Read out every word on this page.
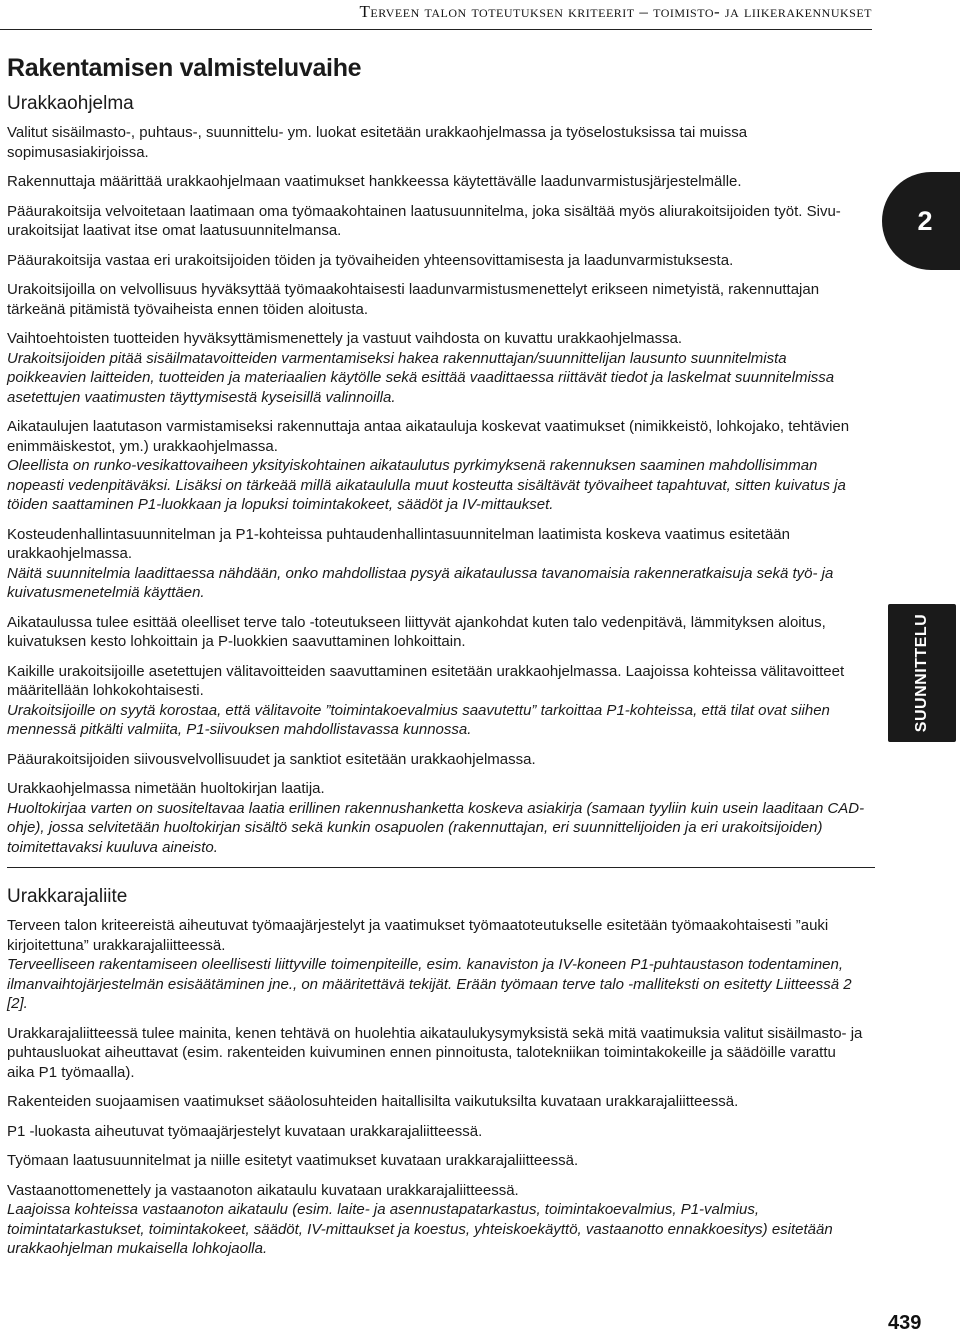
Terveen talon toteutuksen kriteerit – toimisto- ja liikerakennukset
2
SUUNNITTELU
439
Rakentamisen valmisteluvaihe
Urakkaohjelma

Valitut sisäilmasto-, puhtaus-, suunnittelu- ym. luokat esitetään urakkaohjelmassa ja työselostuksissa tai muissa sopimusasiakirjoissa.

Rakennuttaja määrittää urakkaohjelmaan vaatimukset hankkeessa käytettävälle laadunvarmistusjärjestelmälle.

Pääurakoitsija velvoitetaan laatimaan oma työmaakohtainen laatusuunnitelma, joka sisältää myös aliurakoitsijoiden työt. Sivu-urakoitsijat laativat itse omat laatusuunnitelmansa.

Pääurakoitsija vastaa eri urakoitsijoiden töiden ja työvaiheiden yhteensovittamisesta ja laadunvarmistuksesta.

Urakoitsijoilla on velvollisuus hyväksyttää työmaakohtaisesti laadunvarmistusmenettelyt erikseen nimetyistä, rakennuttajan tärkeänä pitämistä työvaiheista ennen töiden aloitusta.

Vaihtoehtoisten tuotteiden hyväksyttämismenettely ja vastuut vaihdosta on kuvattu urakkaohjelmassa.

Urakoitsijoiden pitää sisäilmatavoitteiden varmentamiseksi hakea rakennuttajan/suunnittelijan lausunto suunnitelmista poikkeavien laitteiden, tuotteiden ja materiaalien käytölle sekä esittää vaadittaessa riittävät tiedot ja laskelmat suunnitelmissa asetettujen vaatimusten täyttymisestä kyseisillä valinnoilla.

Aikataulujen laatutason varmistamiseksi rakennuttaja antaa aikatauluja koskevat vaatimukset (nimikkeistö, lohkojako, tehtävien enimmäiskestot, ym.) urakkaohjelmassa.

Oleellista on runko-vesikattovaiheen yksityiskohtainen aikataulutus pyrkimyksenä rakennuksen saaminen mahdollisimman nopeasti vedenpitäväksi. Lisäksi on tärkeää millä aikataululla muut kosteutta sisältävät työvaiheet tapahtuvat, sitten kuivatus ja töiden saattaminen P1-luokkaan ja lopuksi toimintakokeet, säädöt ja IV-mittaukset.

Kosteudenhallintasuunnitelman ja P1-kohteissa puhtaudenhallintasuunnitelman laatimista koskeva vaatimus esitetään urakkaohjelmassa.

Näitä suunnitelmia laadittaessa nähdään, onko mahdollistaa pysyä aikataulussa tavanomaisia rakenneratkaisuja sekä työ- ja kuivatusmenetelmiä käyttäen.

Aikataulussa tulee esittää oleelliset terve talo -toteutukseen liittyvät ajankohdat kuten talo vedenpitävä, lämmityksen aloitus, kuivatuksen kesto lohkoittain ja P-luokkien saavuttaminen lohkoittain.

Kaikille urakoitsijoille asetettujen välitavoitteiden saavuttaminen esitetään urakkaohjelmassa. Laajoissa kohteissa välitavoitteet määritellään lohkokohtaisesti.

Urakoitsijoille on syytä korostaa, että välitavoite ”toimintakoevalmius saavutettu” tarkoittaa P1-kohteissa, että tilat ovat siihen mennessä pitkälti valmiita, P1-siivouksen mahdollistavassa kunnossa.

Pääurakoitsijoiden siivousvelvollisuudet ja sanktiot esitetään urakkaohjelmassa.

Urakkaohjelmassa nimetään huoltokirjan laatija.

Huoltokirjaa varten on suositeltavaa laatia erillinen rakennushanketta koskeva asiakirja (samaan tyyliin kuin usein laaditaan CAD-ohje), jossa selvitetään huoltokirjan sisältö sekä kunkin osapuolen (rakennuttajan, eri suunnittelijoiden ja eri urakoitsijoiden) toimitettavaksi kuuluva aineisto.

Urakkarajaliite

Terveen talon kriteereistä aiheutuvat työmaajärjestelyt ja vaatimukset työmaatoteutukselle esitetään työmaakohtaisesti ”auki kirjoitettuna” urakkarajaliitteessä.

Terveelliseen rakentamiseen oleellisesti liittyville toimenpiteille, esim. kanaviston ja IV-koneen P1-puhtaustason todentaminen, ilmanvaihtojärjestelmän esisäätäminen jne., on määritettävä tekijät. Erään työmaan terve talo -malliteksti on esitetty Liitteessä 2 [2].

Urakkarajaliitteessä tulee mainita, kenen tehtävä on huolehtia aikataulukysymyksistä sekä mitä vaatimuksia valitut sisäilmasto- ja puhtausluokat aiheuttavat (esim. rakenteiden kuivuminen ennen pinnoitusta, talotekniikan toimintakokeille ja säädöille varattu aika P1 työmaalla).

Rakenteiden suojaamisen vaatimukset sääolosuhteiden haitallisilta vaikutuksilta kuvataan urakkarajaliitteessä.

P1 -luokasta aiheutuvat työmaajärjestelyt kuvataan urakkarajaliitteessä.

Työmaan laatusuunnitelmat ja niille esitetyt vaatimukset kuvataan urakkarajaliitteessä.

Vastaanottomenettely ja vastaanoton aikataulu kuvataan urakkarajaliitteessä.

Laajoissa kohteissa vastaanoton aikataulu (esim. laite- ja asennustapatarkastus, toimintakoevalmius, P1-valmius, toimintatarkastukset, toimintakokeet, säädöt, IV-mittaukset ja koestus, yhteiskoekäyttö, vastaanotto ennakkoesitys) esitetään urakkaohjelman mukaisella lohkojaolla.
